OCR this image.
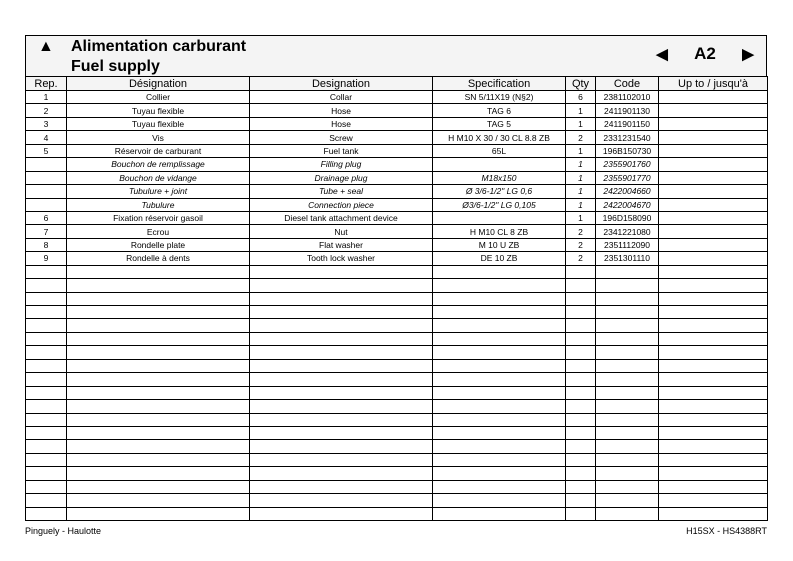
▲ Alimentation carburant
Fuel supply
◀	A2	▶
Rep.	Désignation	Designation	Specification	Qty	Code	Up to / jusqu'à
1	Collier	Collar	SN 5/11X19 (N§2)	6	2381102010	
2	Tuyau flexible	Hose	TAG 6	1	2411901130	
3	Tuyau flexible	Hose	TAG 5	1	2411901150	
4	Vis	Screw	H M10 X 30 / 30 CL 8.8 ZB	2	2331231540	
5	Réservoir de carburant	Fuel tank	65L	1	196B150730	
	Bouchon de remplissage	Filling plug		1	2355901760	
	Bouchon de vidange	Drainage plug	M18x150	1	2355901770	
	Tubulure + joint	Tube + seal	Ø 3/6-1/2" LG 0,6	1	2422004660	
	Tubulure	Connection piece	Ø3/6-1/2" LG 0,105	1	2422004670	
6	Fixation réservoir gasoil	Diesel tank attachment device		1	196D158090	
7	Ecrou	Nut	H M10 CL 8 ZB	2	2341221080	
8	Rondelle plate	Flat washer	M 10 U ZB	2	2351112090	
9	Rondelle à dents	Tooth lock washer	DE 10 ZB	2	2351301110	

Pinguely - Haulotte	H15SX - HS4388RT
